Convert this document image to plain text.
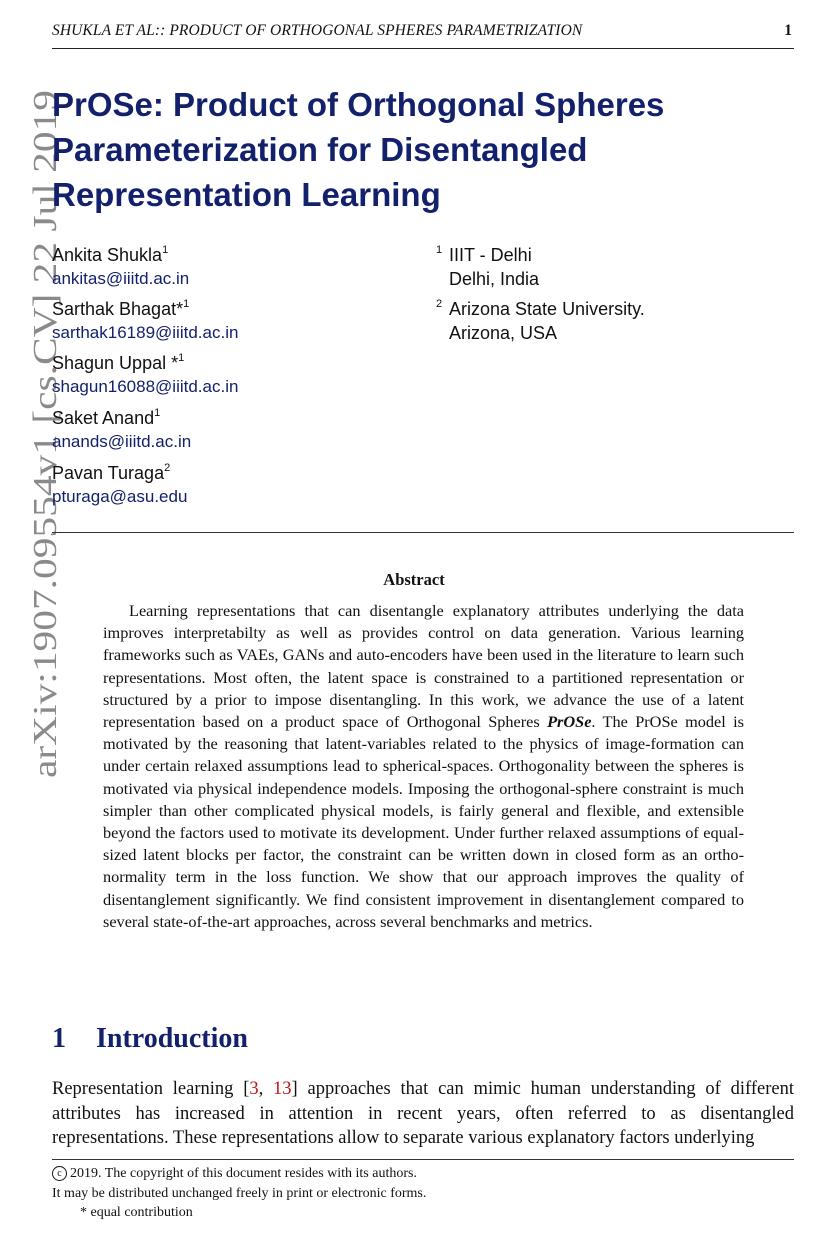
SHUKLA ET AL:: PRODUCT OF ORTHOGONAL SPHERES PARAMETRIZATION	1
arXiv:1907.09554v1 [cs.CV] 22 Jul 2019
PrOSe: Product of Orthogonal Spheres
Parameterization for Disentangled
Representation Learning
Ankita Shukla$^1$
ankitas@iiitd.ac.in
Sarthak Bhagat*$^1$
sarthak16189@iiitd.ac.in
Shagun Uppal *$^1$
shagun16088@iiitd.ac.in
Saket Anand$^1$
anands@iiitd.ac.in
Pavan Turaga$^2$
pturaga@asu.edu
$^1$ IIIT - Delhi
Delhi, India
$^2$ Arizona State University.
Arizona, USA
Abstract
Learning representations that can disentangle explanatory attributes underlying the data improves interpretabilty as well as provides control on data generation. Various learning frameworks such as VAEs, GANs and auto-encoders have been used in the literature to learn such representations. Most often, the latent space is constrained to a partitioned representation or structured by a prior to impose disentangling. In this work, we advance the use of a latent representation based on a product space of Orthogonal Spheres PrOSe. The PrOSe model is motivated by the reasoning that latent-variables related to the physics of image-formation can under certain relaxed assumptions lead to spherical-spaces. Orthogonality between the spheres is motivated via physical independence models. Imposing the orthogonal-sphere constraint is much simpler than other complicated physical models, is fairly general and flexible, and extensible beyond the factors used to motivate its development. Under further relaxed assumptions of equal-sized latent blocks per factor, the constraint can be written down in closed form as an ortho-normality term in the loss function. We show that our approach improves the quality of disentanglement significantly. We find consistent improvement in disentanglement compared to several state-of-the-art approaches, across several benchmarks and metrics.
1 Introduction
Representation learning [3, 13] approaches that can mimic human understanding of different attributes has increased in attention in recent years, often referred to as disentangled representations. These representations allow to separate various explanatory factors underlying
c 2019. The copyright of this document resides with its authors.
It may be distributed unchanged freely in print or electronic forms.
* equal contribution
